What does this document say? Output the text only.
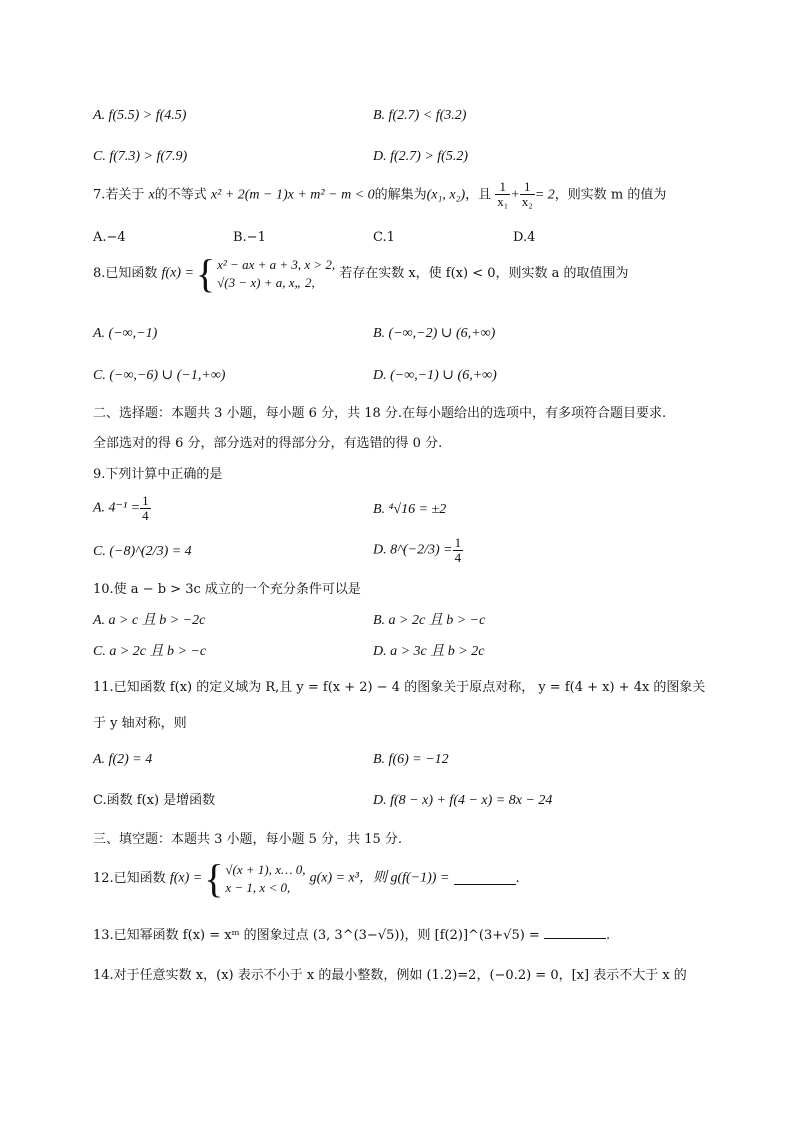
A. f(5.5) > f(4.5)	B. f(2.7) < f(3.2)
C. f(7.3) > f(7.9)	D. f(2.7) > f(5.2)
7.若关于 x的不等式 x² + 2(m − 1)x + m² − m < 0的解集为(x₁, x₂)，且 $\frac{1}{\text{x₁}} + \frac{1}{\text{x₂}} = 2$，则实数 m 的值为
A.−4	B.−1	C.1	D.4
8.已知函数 f(x) ={ x² − ax + a + 3, x > 2,
√(3 − x) + a, x„ 2,
若存在实数 x，使 f(x) < 0，则实数 a 的取值围为
A. (−∞,−1)	B. (−∞,−2) ∪ (6,+∞)
C. (−∞,−6) ∪ (−1,+∞)	D. (−∞,−1) ∪ (6,+∞)
二、选择题：本题共 3 小题，每小题 6 分，共 18 分.在每小题给出的选项中，有多项符合题目要求.
全部选对的得 6 分，部分选对的得部分分，有选错的得 0 分.
9.下列计算中正确的是
A. $4^{-1} = \frac{1}{4}$	B. ⁴√16 = ±2
C. (−8)^(2/3) = 4	D. 8^(−2/3) = $\frac{1}{4}$
10.使 a − b > 3c 成立的一个充分条件可以是
A. a > c 且 b > −2c	B. a > 2c 且 b > −c
C. a > 2c 且 b > −c	D. a > 3c 且 b > 2c
11.已知函数 f(x) 的定义域为 R,且 y = f(x + 2) − 4 的图象关于原点对称， y = f(4 + x) + 4x 的图象关
于 y 轴对称，则
A. f(2) = 4	B. f(6) = −12
C.函数 f(x) 是增函数	D. f(8 − x) + f(4 − x) = 8x − 24
三、填空题：本题共 3 小题，每小题 5 分，共 15 分.
12.已知函数 f(x) ={ √(x + 1), x… 0,
x − 1, x < 0,
g(x) = x³，则 g(f(−1)) =	.
13.已知幂函数 f(x) = xᵐ 的图象过点 (3, 3^(3−√5))，则 [f(2)]^(3+√5) =	.
14.对于任意实数 x，(x) 表示不小于 x 的最小整数，例如 (1.2)=2，(−0.2) = 0，[x] 表示不大于 x 的
